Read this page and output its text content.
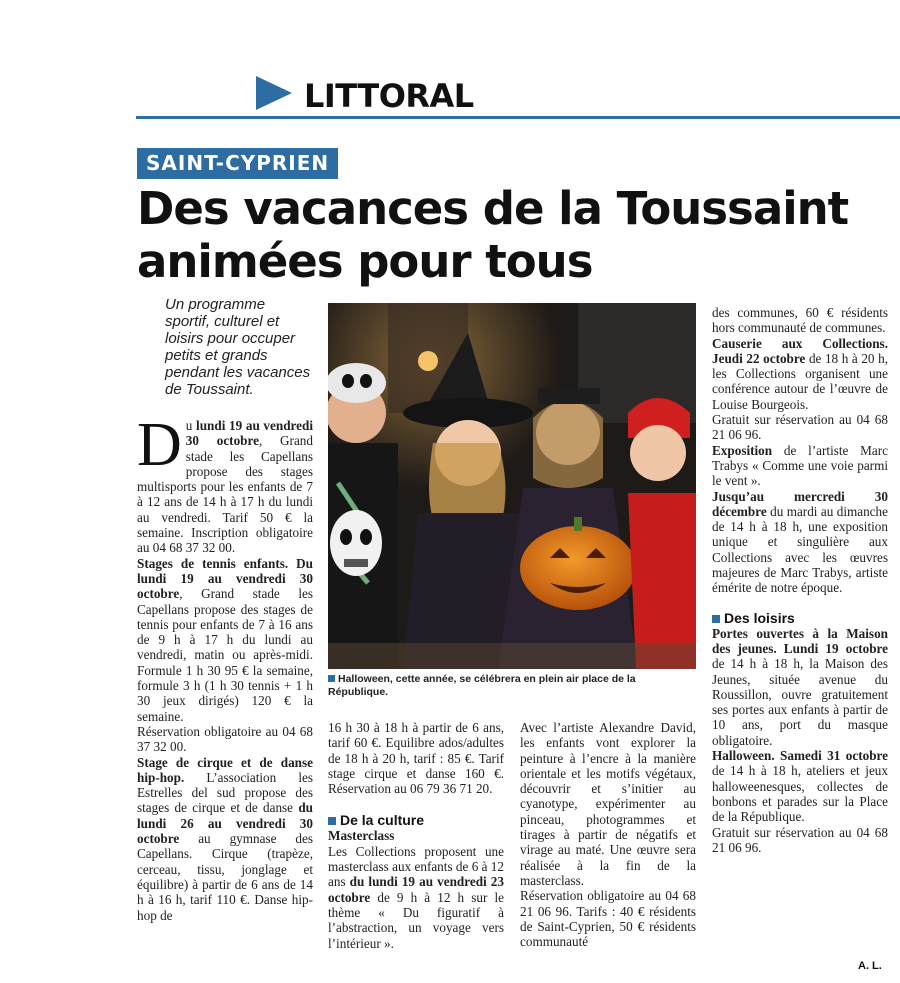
LITTORAL
SAINT-CYPRIEN
Des vacances de la Toussaint animées pour tous
Un programme sportif, culturel et loisirs pour occuper petits et grands pendant les vacances de Toussaint.

Du lundi 19 au vendredi 30 octobre, Grand stade les Capellans propose des stages multisports pour les enfants de 7 à 12 ans de 14 h à 17 h du lundi au vendredi. Tarif 50 € la semaine. Inscription obligatoire au 04 68 37 32 00.

Stages de tennis enfants. Du lundi 19 au vendredi 30 octobre, Grand stade les Capellans propose des stages de tennis pour enfants de 7 à 16 ans de 9 h à 17 h du lundi au vendredi, matin ou après-midi. Formule 1 h 30 95 € la semaine, formule 3 h (1 h 30 tennis + 1 h 30 jeux dirigés) 120 € la semaine.

Réservation obligatoire au 04 68 37 32 00.

Stage de cirque et de danse hip-hop. L’association les Estrelles del sud propose des stages de cirque et de danse du lundi 26 au vendredi 30 octobre au gymnase des Capellans. Cirque (trapèze, cerceau, tissu, jonglage et équilibre) à partir de 6 ans de 14 h à 16 h, tarif 110 €. Danse hip-hop de

Halloween, cette année, se célébrera en plein air place de la République.

16 h 30 à 18 h à partir de 6 ans, tarif 60 €. Equilibre ados/adultes de 18 h à 20 h, tarif : 85 €. Tarif stage cirque et danse 160 €. Réservation au 06 79 36 71 20.

De la culture

Masterclass
Les Collections proposent une masterclass aux enfants de 6 à 12 ans du lundi 19 au vendredi 23 octobre de 9 h à 12 h sur le thème « Du figuratif à l’abstraction, un voyage vers l’intérieur ».

Avec l’artiste Alexandre David, les enfants vont explorer la peinture à l’encre à la manière orientale et les motifs végétaux, découvrir et s’initier au cyanotype, expérimenter au pinceau, photogrammes et tirages à partir de négatifs et virage au maté. Une œuvre sera réalisée à la fin de la masterclass.

Réservation obligatoire au 04 68 21 06 96. Tarifs : 40 € résidents de Saint-Cyprien, 50 € résidents communauté

des communes, 60 € résidents hors communauté de communes.

Causerie aux Collections. Jeudi 22 octobre de 18 h à 20 h, les Collections organisent une conférence autour de l’œuvre de Louise Bourgeois.

Gratuit sur réservation au 04 68 21 06 96.

Exposition de l’artiste Marc Trabys « Comme une voie parmi le vent ».

Jusqu’au mercredi 30 décembre du mardi au dimanche de 14 h à 18 h, une exposition unique et singulière aux Collections avec les œuvres majeures de Marc Trabys, artiste émérite de notre époque.

Des loisirs

Portes ouvertes à la Maison des jeunes. Lundi 19 octobre de 14 h à 18 h, la Maison des Jeunes, située avenue du Roussillon, ouvre gratuitement ses portes aux enfants à partir de 10 ans, port du masque obligatoire.

Halloween. Samedi 31 octobre de 14 h à 18 h, ateliers et jeux halloweenesques, collectes de bonbons et parades sur la Place de la République.

Gratuit sur réservation au 04 68 21 06 96.

A. L.
